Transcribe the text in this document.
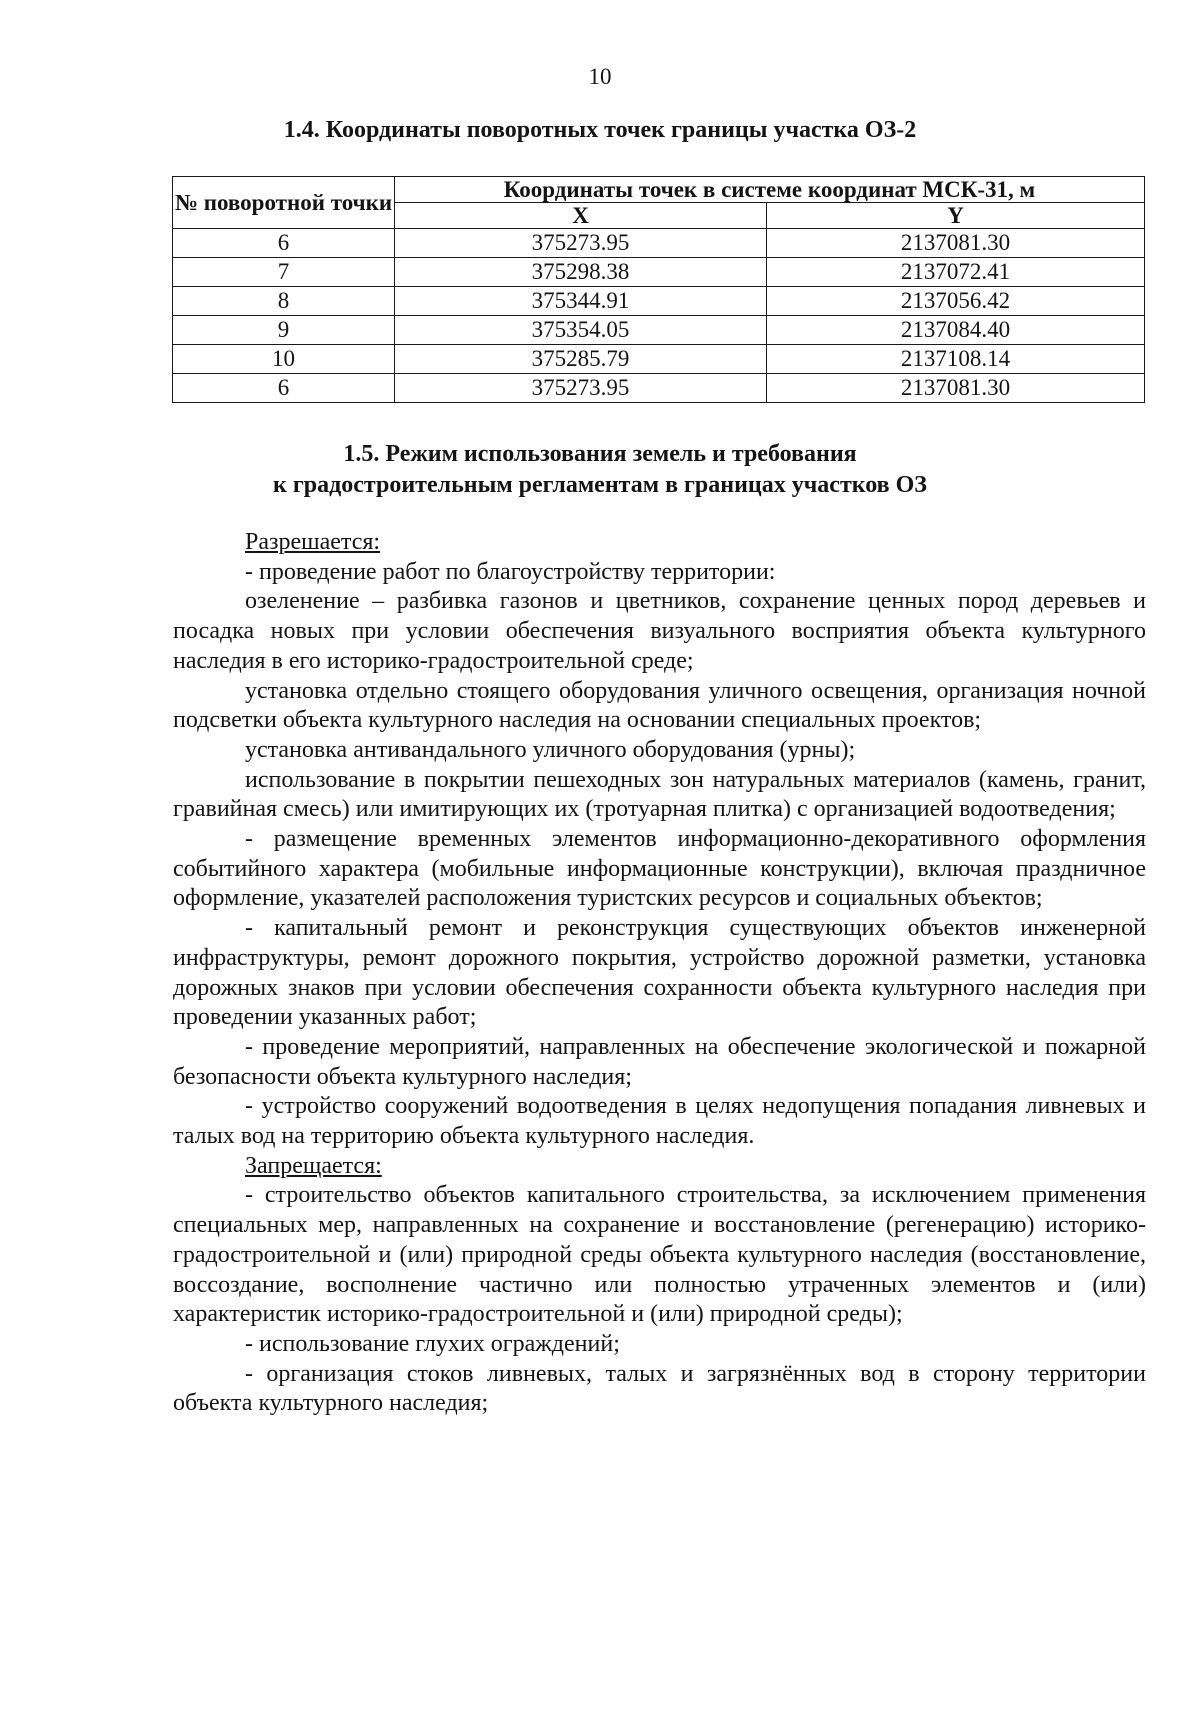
10
1.4. Координаты поворотных точек границы участка ОЗ-2
№ поворотной точки	Координаты точек в системе координат МСК-31, м	
	X	Y
6	375273.95	2137081.30
7	375298.38	2137072.41
8	375344.91	2137056.42
9	375354.05	2137084.40
10	375285.79	2137108.14
6	375273.95	2137081.30
1.5. Режим использования земель и требования
к градостроительным регламентам в границах участков ОЗ

Разрешается:

- проведение работ по благоустройству территории:

озеленение – разбивка газонов и цветников, сохранение ценных пород деревьев и посадка новых при условии обеспечения визуального восприятия объекта культурного наследия в его историко-градостроительной среде;

установка отдельно стоящего оборудования уличного освещения, организация ночной подсветки объекта культурного наследия на основании специальных проектов;

установка антивандального уличного оборудования (урны);

использование в покрытии пешеходных зон натуральных материалов (камень, гранит, гравийная смесь) или имитирующих их (тротуарная плитка) с организацией водоотведения;

- размещение временных элементов информационно-декоративного оформления событийного характера (мобильные информационные конструкции), включая праздничное оформление, указателей расположения туристских ресурсов и социальных объектов;

- капитальный ремонт и реконструкция существующих объектов инженерной инфраструктуры, ремонт дорожного покрытия, устройство дорожной разметки, установка дорожных знаков при условии обеспечения сохранности объекта культурного наследия при проведении указанных работ;

- проведение мероприятий, направленных на обеспечение экологической и пожарной безопасности объекта культурного наследия;

- устройство сооружений водоотведения в целях недопущения попадания ливневых и талых вод на территорию объекта культурного наследия.

Запрещается:

- строительство объектов капитального строительства, за исключением применения специальных мер, направленных на сохранение и восстановление (регенерацию) историко-градостроительной и (или) природной среды объекта культурного наследия (восстановление, воссоздание, восполнение частично или полностью утраченных элементов и (или) характеристик историко-градостроительной и (или) природной среды);

- использование глухих ограждений;

- организация стоков ливневых, талых и загрязнённых вод в сторону территории объекта культурного наследия;
